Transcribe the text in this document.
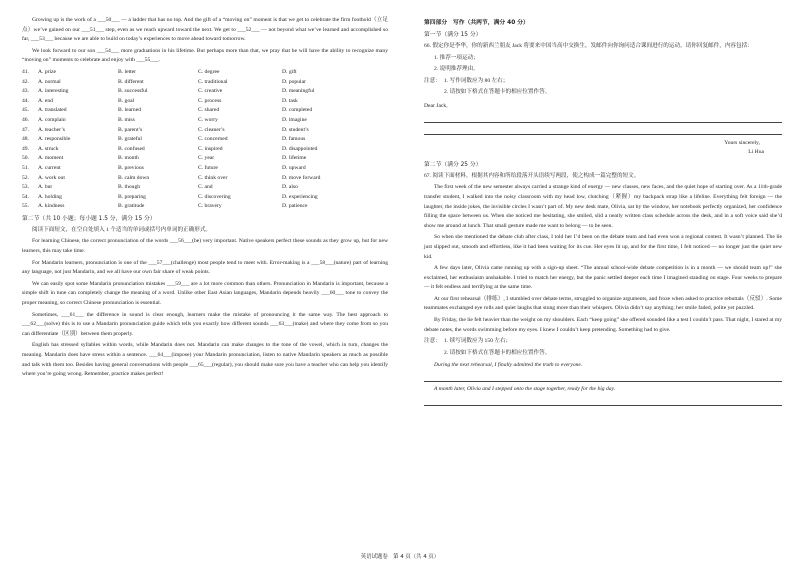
Growing up is the work of a ___50___ — a ladder that has no top. And the gift of a “moving on” moment is that we get to celebrate the firm foothold（立足点）we’ve gained on our ___51___ step, even as we reach upward toward the next. We get to ___52___ — not beyond what we’ve learned and accomplished so far, ___53___ because we are able to build on today’s experiences to move ahead toward tomorrow.

We look forward to our son ___54___ more graduations in his lifetime. But perhaps more than that, we pray that he will have the ability to recognize many “moving on” moments to celebrate and enjoy with ___55___.

41.	A. prize	B. letter	C. degree	D. gift
42.	A. normal	B. different	C. traditional	D. popular
43.	A. interesting	B. successful	C. creative	D. meaningful
44.	A. end	B. goal	C. process	D. task
45.	A. translated	B. learned	C. shared	D. completed
46.	A. complain	B. miss	C. worry	D. imagine
47.	A. teacher’s	B. parent’s	C. cleaner’s	D. student’s
48.	A. responsible	B. grateful	C. concerned	D. famous
49.	A. struck	B. confused	C. inspired	D. disappointed
50.	A. moment	B. month	C. year	D. lifetime
51.	A. current	B. previous	C. future	D. upward
52.	A. work out	B. calm down	C. think over	D. move forward
53.	A. but	B. though	C. and	D. also
54.	A. holding	B. preparing	C. discovering	D. experiencing
55.	A. kindness	B. gratitude	C. bravery	D. patience
第二节（共 10 小题；每小题 1.5 分，满分 15 分）
阅读下面短文，在空白处填入 1 个适当的单词或括号内单词的正确形式。

For learning Chinese, the correct pronunciation of the words ___56___(be) very important. Native speakers perfect these sounds as they grow up, but for new learners, this may take time.

For Mandarin learners, pronunciation is one of the ___57___(challenge) most people tend to meet with. Error-making is a ___58___(nature) part of learning any language, not just Mandarin, and we all have our own fair share of weak points.

We can easily spot some Mandarin pronunciation mistakes ___59___ are a lot more common than others. Pronunciation in Mandarin is important, because a simple shift in tune can completely change the meaning of a word. Unlike other East Asian languages, Mandarin depends heavily ___60___ tone to convey the proper meaning, so correct Chinese pronunciation is essential.

Sometimes, ___61___ the difference in sound is clear enough, learners make the mistake of pronouncing it the same way. The best approach to ___62___(solve) this is to use a Mandarin pronunciation guide which tells you exactly how different sounds ___63___(make) and where they come from so you can differentiate（区别）between them properly.

English has stressed syllables within words, while Mandarin does not. Mandarin can make changes to the tone of the vowel, which in turn, changes the meaning. Mandarin does have stress within a sentence. ___64___(impose) your Mandarin pronunciation, listen to native Mandarin speakers as much as possible and talk with them too. Besides having general conversations with people ___65___(regular), you should make sure you have a teacher who can help you identify where you’re going wrong. Remember, practice makes perfect!

第四部分　写作（共两节，满分 40 分）
第一节（满分 15 分）
66. 假定你是李华，你的新西兰朋友 Jack 将要来中国当高中交换生，发邮件向你询问适合课间进行的运动，请你回复邮件，内容包括：
1. 推荐一项运动；
2. 说明推荐理由。
注意： 1. 写作词数应为 80 左右；
2. 请按如下格式在答题卡的相应位置作答。
Dear Jack,
Yours sincerely,
Li Hua
第二节（满分 25 分）
67. 阅读下面材料，根据其内容和所给段落开头语续写两段，使之构成一篇完整的短文。

The first week of the new semester always carried a strange kind of energy — new classes, new faces, and the quiet hope of starting over. As a 11th-grade transfer student, I walked into the noisy classroom with my head low, clutching（紧握）my backpack strap like a lifeline. Everything felt foreign — the laughter, the inside jokes, the invisible circles I wasn’t part of. My new desk mate, Olivia, sat by the window, her notebook perfectly organized, her confidence filling the space between us. When she noticed me hesitating, she smiled, slid a neatly written class schedule across the desk, and in a soft voice said she’d show me around at lunch. That small gesture made me want to belong — to be seen.

So when she mentioned the debate club after class, I told her I’d been on the debate team and had even won a regional contest. It wasn’t planned. The lie just slipped out, smooth and effortless, like it had been waiting for its cue. Her eyes lit up, and for the first time, I felt noticed — no longer just the quiet new kid.

A few days later, Olivia came running up with a sign-up sheet. “The annual school-wide debate competition is in a month — we should team up!” she exclaimed, her enthusiasm unshakable. I tried to match her energy, but the panic settled deeper each time I imagined standing on stage. Four weeks to prepare — it felt endless and terrifying at the same time.

At our first rehearsal（排练）, I stumbled over debate terms, struggled to organize arguments, and froze when asked to practice rebuttals（反驳）. Some teammates exchanged eye rolls and quiet laughs that stung more than their whispers. Olivia didn’t say anything; her smile faded, polite yet puzzled.

By Friday, the lie felt heavier than the weight on my shoulders. Each “keep going” she offered sounded like a test I couldn’t pass. That night, I stared at my debate notes, the words swimming before my eyes. I knew I couldn’t keep pretending. Something had to give.

注意： 1. 续写词数应为 150 左右；
2. 请按如下格式在答题卡的相应位置作答。
During the next rehearsal, I finally admitted the truth to everyone.
A month later, Olivia and I stepped onto the stage together, ready for the big day.
英语试题卷　第 4 页（共 4 页）
